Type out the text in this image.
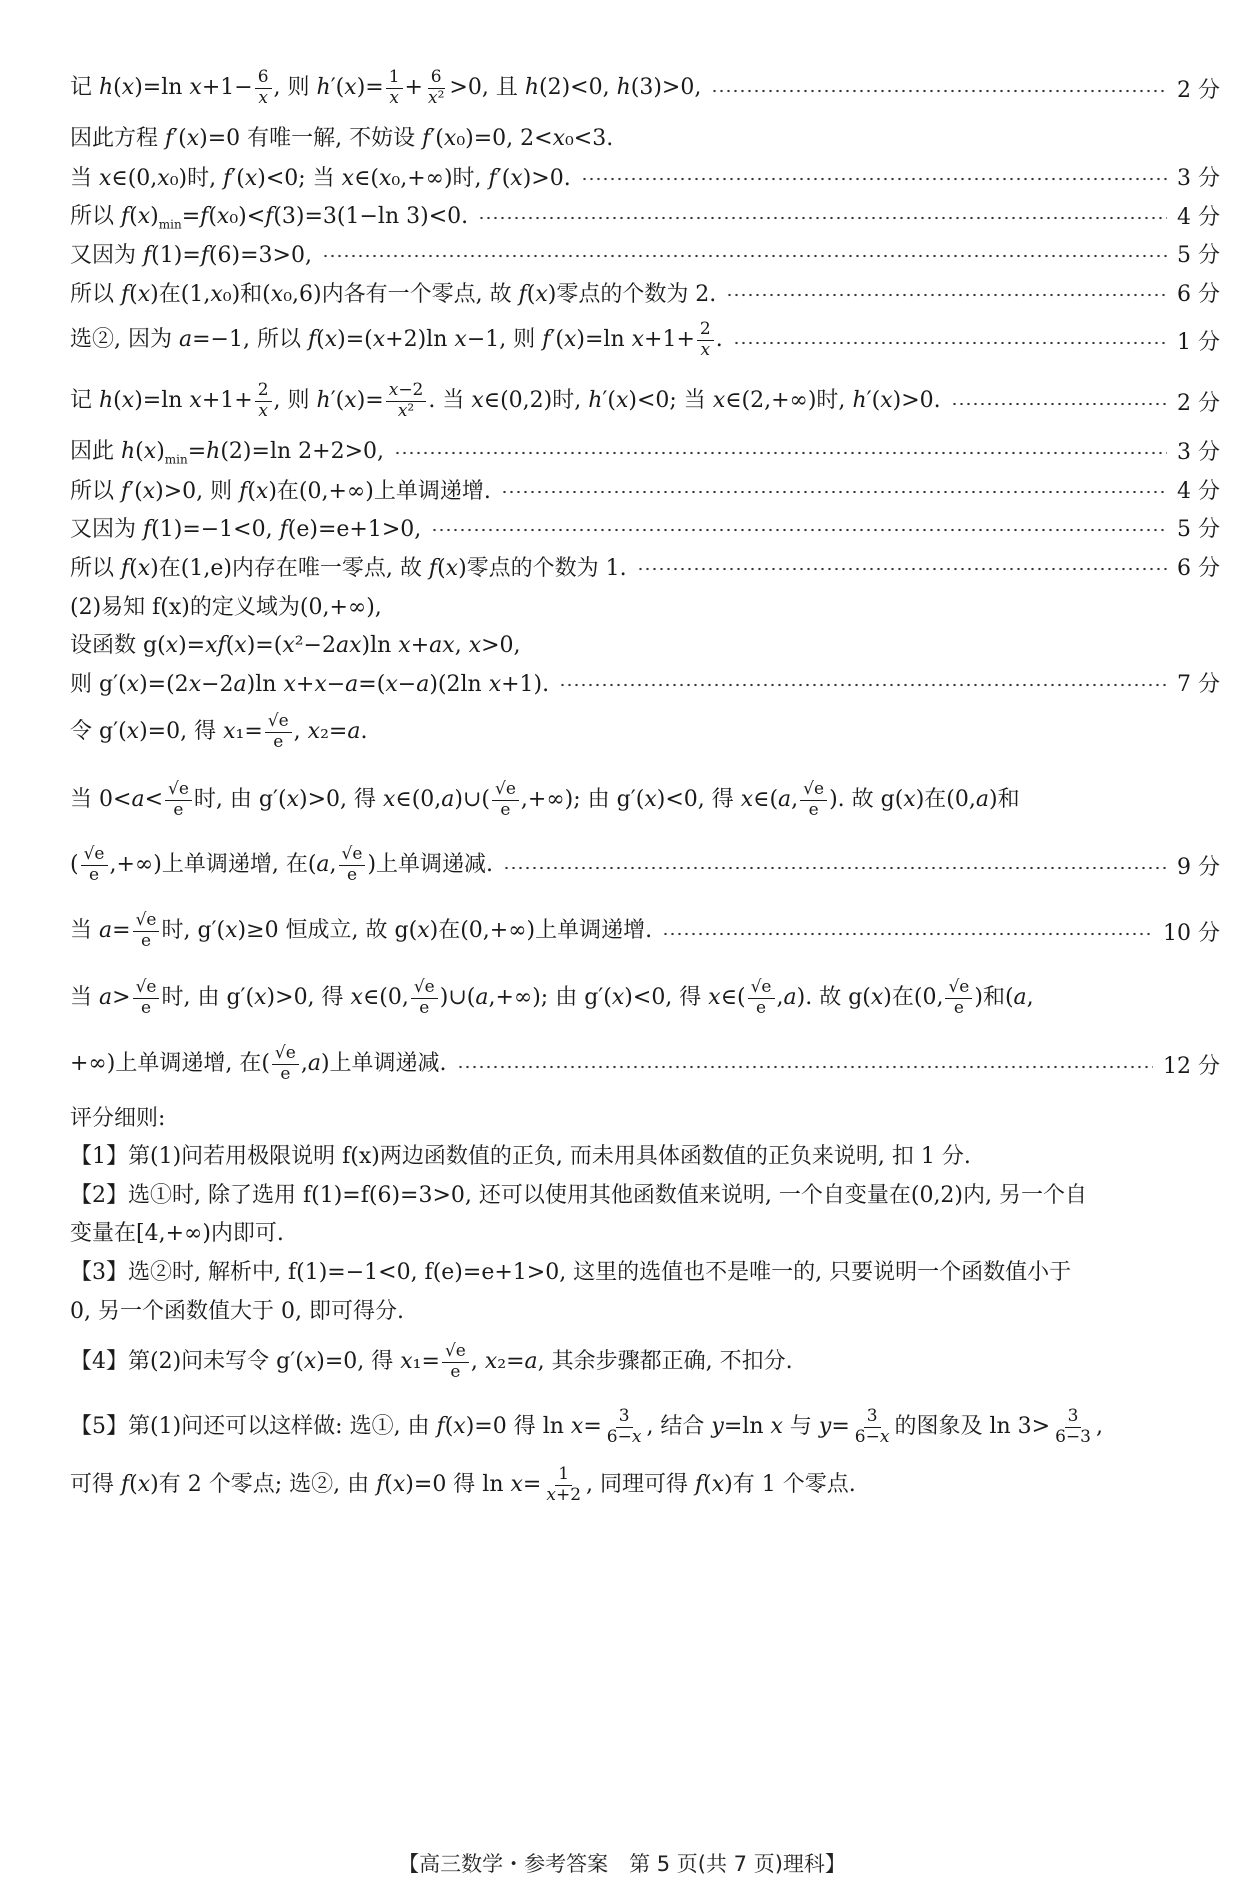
记 h(x)=ln $x+1- \frac{6}{x}$ , 则 $h'(x)= \frac{1}{x} + \frac{6}{\text{x²}} >0$, 且 h(2)<0, h(3)>0,	2 分
因此方程 f′(x)=0 有唯一解, 不妨设 f′(x₀)=0, 2<x₀<3.
当 x∈(0,x₀)时, f′(x)<0; 当 x∈(x₀,+∞)时, f′(x)>0.	3 分
所以 $f(x)_{min}=f(x_0)<f(3)=3(1-\ln$ 3)<0.	4 分
又因为 f(1)=f(6)=3>0,	5 分
所以 f(x)在(1,x₀)和(x₀,6)内各有一个零点, 故 f(x)零点的个数为 2.	6 分
选②, 因为 a=−1, 所以 f(x)=(x+2)ln x−1, 则 f′(x)=ln $x+1+ \frac{2}{x}$ .	1 分
记 h(x)=ln $x+1+ \frac{2}{x}$ , 则 $h'(x)= \frac{x-2}{\text{x²}}$ . 当 x∈(0,2)时, h′(x)<0; 当 x∈(2,+∞)时, h′(x)>0.	2 分
因此 $h(x)_{min}=h(2)=\ln$ 2+2>0,	3 分
所以 f′(x)>0, 则 f(x)在(0,+∞)上单调递增.	4 分
又因为 f(1)=−1<0, f(e)=e+1>0,	5 分
所以 f(x)在(1,e)内存在唯一零点, 故 f(x)零点的个数为 1.	6 分
(2)易知 f(x)的定义域为(0,+∞),
设函数 g(x)=xf(x)=(x²−2ax)ln x+ax, x>0,
则 g′(x)=(2x−2a)ln x+x−a=(x−a)(2ln x+1).	7 分
令 g′(x)=0, 得 $x_1= \frac{√e}{e}$ , x₂=a.
当 $0<a< \frac{√e}{e}$ 时, 由 g′(x)>0, 得 x∈(0,a)∪( $\frac{√e}{e}$ ,+∞); 由 g′(x)<0, 得 x∈(a, $\frac{√e}{e}$ ). 故 g(x)在(0,a)和
( $\frac{√e}{e}$ ,+∞)上单调递增, 在(a, $\frac{√e}{e}$ )上单调递减.	9 分
当 $a= \frac{√e}{e}$ 时, g′(x)≥0 恒成立, 故 g(x)在(0,+∞)上单调递增.	10 分
当 $a> \frac{√e}{e}$ 时, 由 g′(x)>0, 得 x∈(0, $\frac{√e}{e}$ )∪(a,+∞); 由 g′(x)<0, 得 x∈( $\frac{√e}{e} ,a$). 故 g(x)在(0, $\frac{√e}{e}$ )和(a,
+∞)上单调递增, 在( $\frac{√e}{e} ,a$)上单调递减.	12 分
评分细则:
【1】第(1)问若用极限说明 f(x)两边函数值的正负, 而未用具体函数值的正负来说明, 扣 1 分.
【2】选①时, 除了选用 f(1)=f(6)=3>0, 还可以使用其他函数值来说明, 一个自变量在(0,2)内, 另一个自
变量在[4,+∞)内即可.
【3】选②时, 解析中, f(1)=−1<0, f(e)=e+1>0, 这里的选值也不是唯一的, 只要说明一个函数值小于
0, 另一个函数值大于 0, 即可得分.
【4】第(2)问未写令 g′(x)=0, 得 $x_1= \frac{√e}{e}$ , x₂=a, 其余步骤都正确, 不扣分.
【5】第(1)问还可以这样做: 选①, 由 f(x)=0 得 $\ln x= \frac{3}{6-x}$ , 结合 y=ln x 与 $y= \frac{3}{6-x}$ 的图象及 $\ln 3> \frac{3}{6-3}$ ,
可得 f(x)有 2 个零点; 选②, 由 f(x)=0 得 $\ln x= \frac{1}{x+2}$ , 同理可得 f(x)有 1 个零点.
【高三数学・参考答案　第 5 页(共 7 页)理科】
